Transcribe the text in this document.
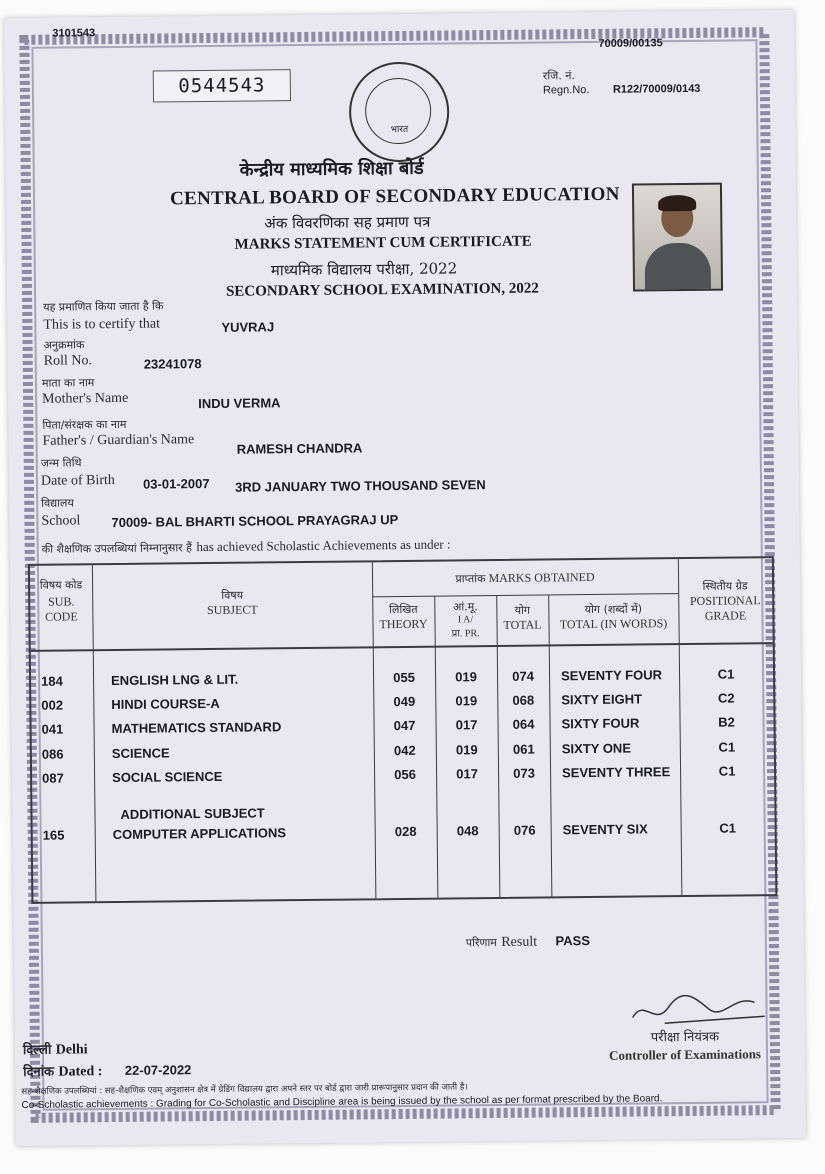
3101543
70009/00135
0544543	रजि. नं.
Regn.No. R122/70009/0143
भारत
केन्द्रीय माध्यमिक शिक्षा बोर्ड
CENTRAL BOARD OF SECONDARY EDUCATION
अंक विवरणिका सह प्रमाण पत्र
MARKS STATEMENT CUM CERTIFICATE
माध्यमिक विद्यालय परीक्षा, 2022
SECONDARY SCHOOL EXAMINATION, 2022
यह प्रमाणित किया जाता है कि
This is to certify that	YUVRAJ
अनुक्रमांक
Roll No.	23241078
माता का नाम
Mother's Name	INDU VERMA
पिता/संरक्षक का नाम
Father's / Guardian's Name	RAMESH CHANDRA
जन्म तिथि
Date of Birth 03-01-2007 3RD JANUARY TWO THOUSAND SEVEN
विद्यालय
School 70009- BAL BHARTI SCHOOL PRAYAGRAJ UP
की शैक्षणिक उपलब्धियां निम्नानुसार हैं has achieved Scholastic Achievements as under :
विषय कोड
SUB. CODE
विषय
SUBJECT
प्राप्तांक MARKS OBTAINED
लिखित
THEORY
आं.मू.
I A/
प्रा. PR.
योग
TOTAL
योग (शब्दों में)
TOTAL (IN WORDS)
स्थितीय ग्रेड
POSITIONAL GRADE
184	ENGLISH LNG & LIT.	055	019	074	SEVENTY FOUR	C1
002	HINDI COURSE-A	049	019	068	SIXTY EIGHT	C2
041	MATHEMATICS STANDARD	047	017	064	SIXTY FOUR	B2
086	SCIENCE	042	019	061	SIXTY ONE	C1
087	SOCIAL SCIENCE	056	017	073	SEVENTY THREE	C1
165	COMPUTER APPLICATIONS	028	048	076	SEVENTY SIX	C1
ADDITIONAL SUBJECT
परिणाम Result PASS
परीक्षा नियंत्रक
Controller of Examinations
दिल्ली Delhi
दिनांक Dated : 22-07-2022
सह-शैक्षणिक उपलब्धियां : सह-शैक्षणिक एवम् अनुशासन क्षेत्र में ग्रेडिंग विद्यालय द्वारा अपने स्तर पर बोर्ड द्वारा जारी प्रारूपानुसार प्रदान की जाती है।
Co-Scholastic achievements : Grading for Co-Scholastic and Discipline area is being issued by the school as per format prescribed by the Board.
